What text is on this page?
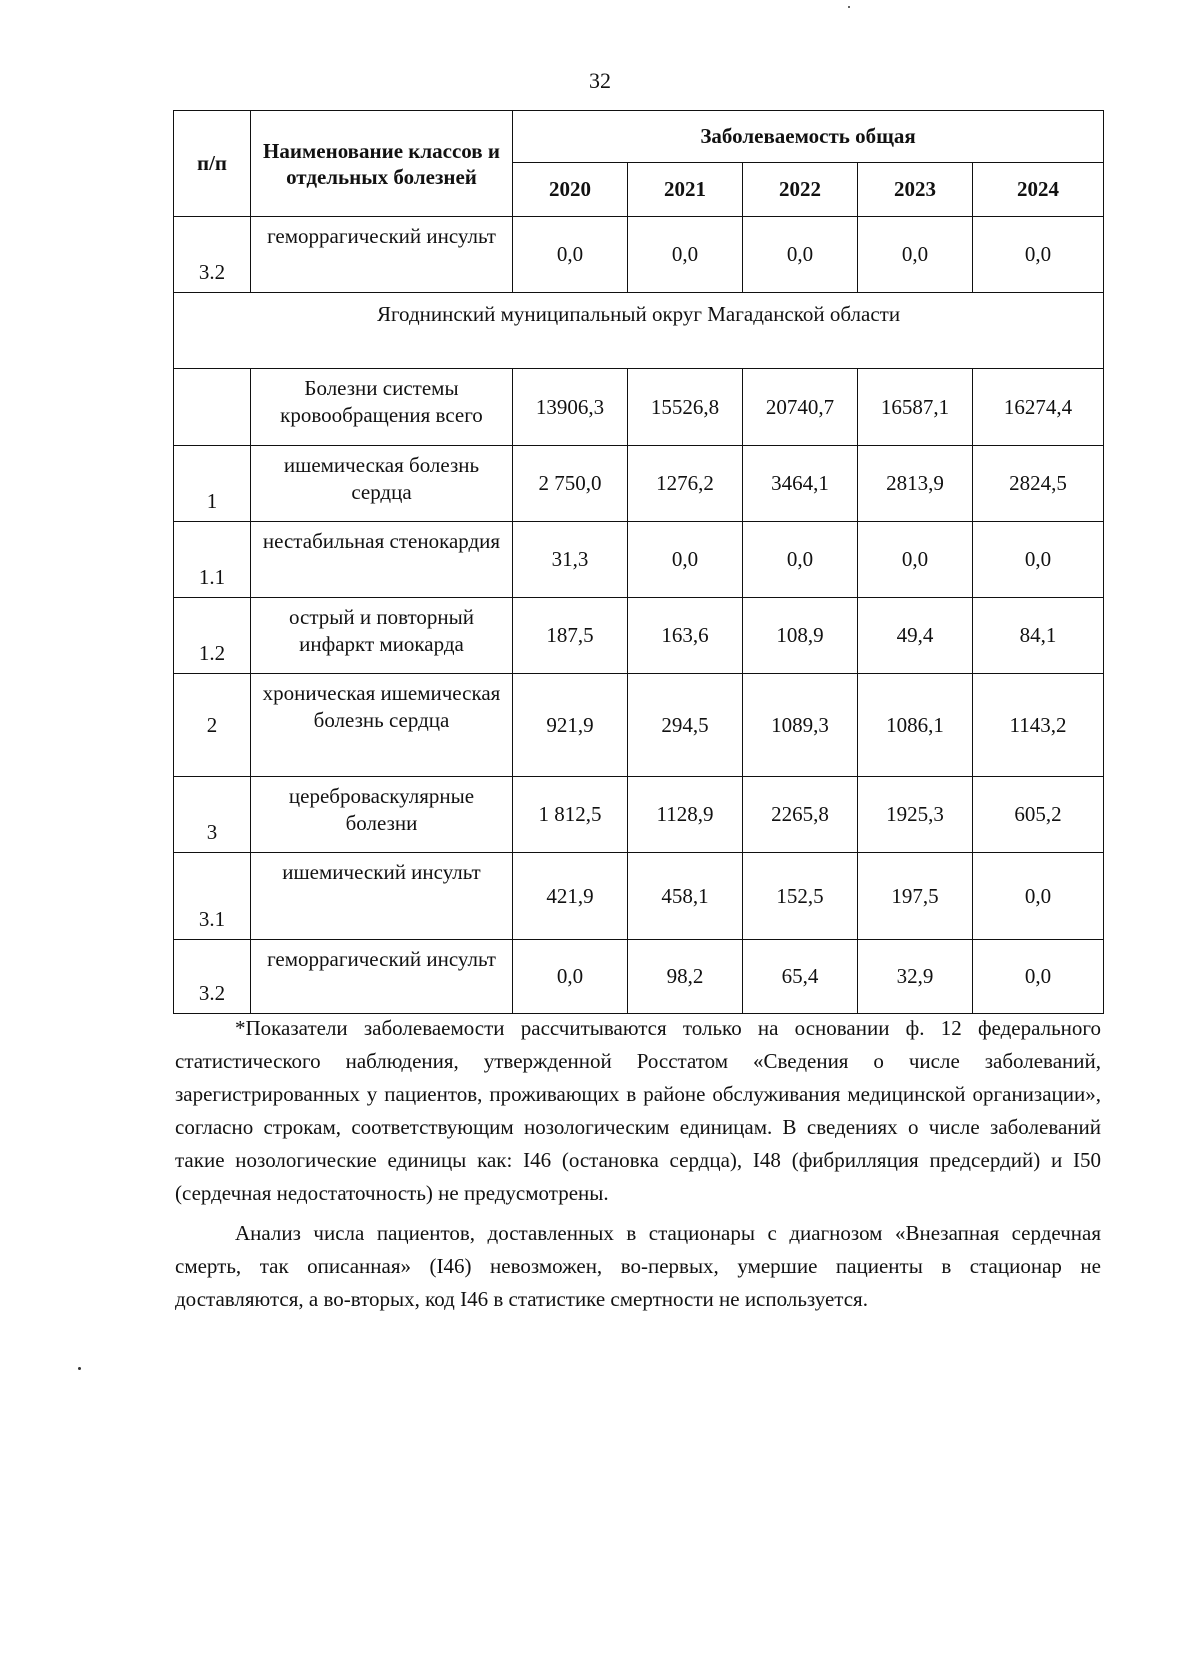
32
п/п	Наименование классов и отдельных болезней	Заболеваемость общая				
		2020	2021	2022	2023	2024
3.2	геморрагический инсульт	0,0	0,0	0,0	0,0	0,0
Ягоднинский муниципальный округ Магаданской области						
	Болезни системы кровообращения всего	13906,3	15526,8	20740,7	16587,1	16274,4
1	ишемическая болезнь сердца	2 750,0	1276,2	3464,1	2813,9	2824,5
1.1	нестабильная стенокардия	31,3	0,0	0,0	0,0	0,0
1.2	острый и повторный инфаркт миокарда	187,5	163,6	108,9	49,4	84,1
2	хроническая ишемическая болезнь сердца	921,9	294,5	1089,3	1086,1	1143,2
3	цереброваскулярные болезни	1 812,5	1128,9	2265,8	1925,3	605,2
3.1	ишемический инсульт	421,9	458,1	152,5	197,5	0,0
3.2	геморрагический инсульт	0,0	98,2	65,4	32,9	0,0

*Показатели заболеваемости рассчитываются только на основании ф. 12 федерального статистического наблюдения, утвержденной Росстатом «Сведения о числе заболеваний, зарегистрированных у пациентов, проживающих в районе обслуживания медицинской организации», согласно строкам, соответствующим нозологическим единицам. В сведениях о числе заболеваний такие нозологические единицы как: I46 (остановка сердца), I48 (фибрилляция предсердий) и I50 (сердечная недостаточность) не предусмотрены.

Анализ числа пациентов, доставленных в стационары с диагнозом «Внезапная сердечная смерть, так описанная» (I46) невозможен, во-первых, умершие пациенты в стационар не доставляются, а во-вторых, код I46 в статистике смертности не используется.
